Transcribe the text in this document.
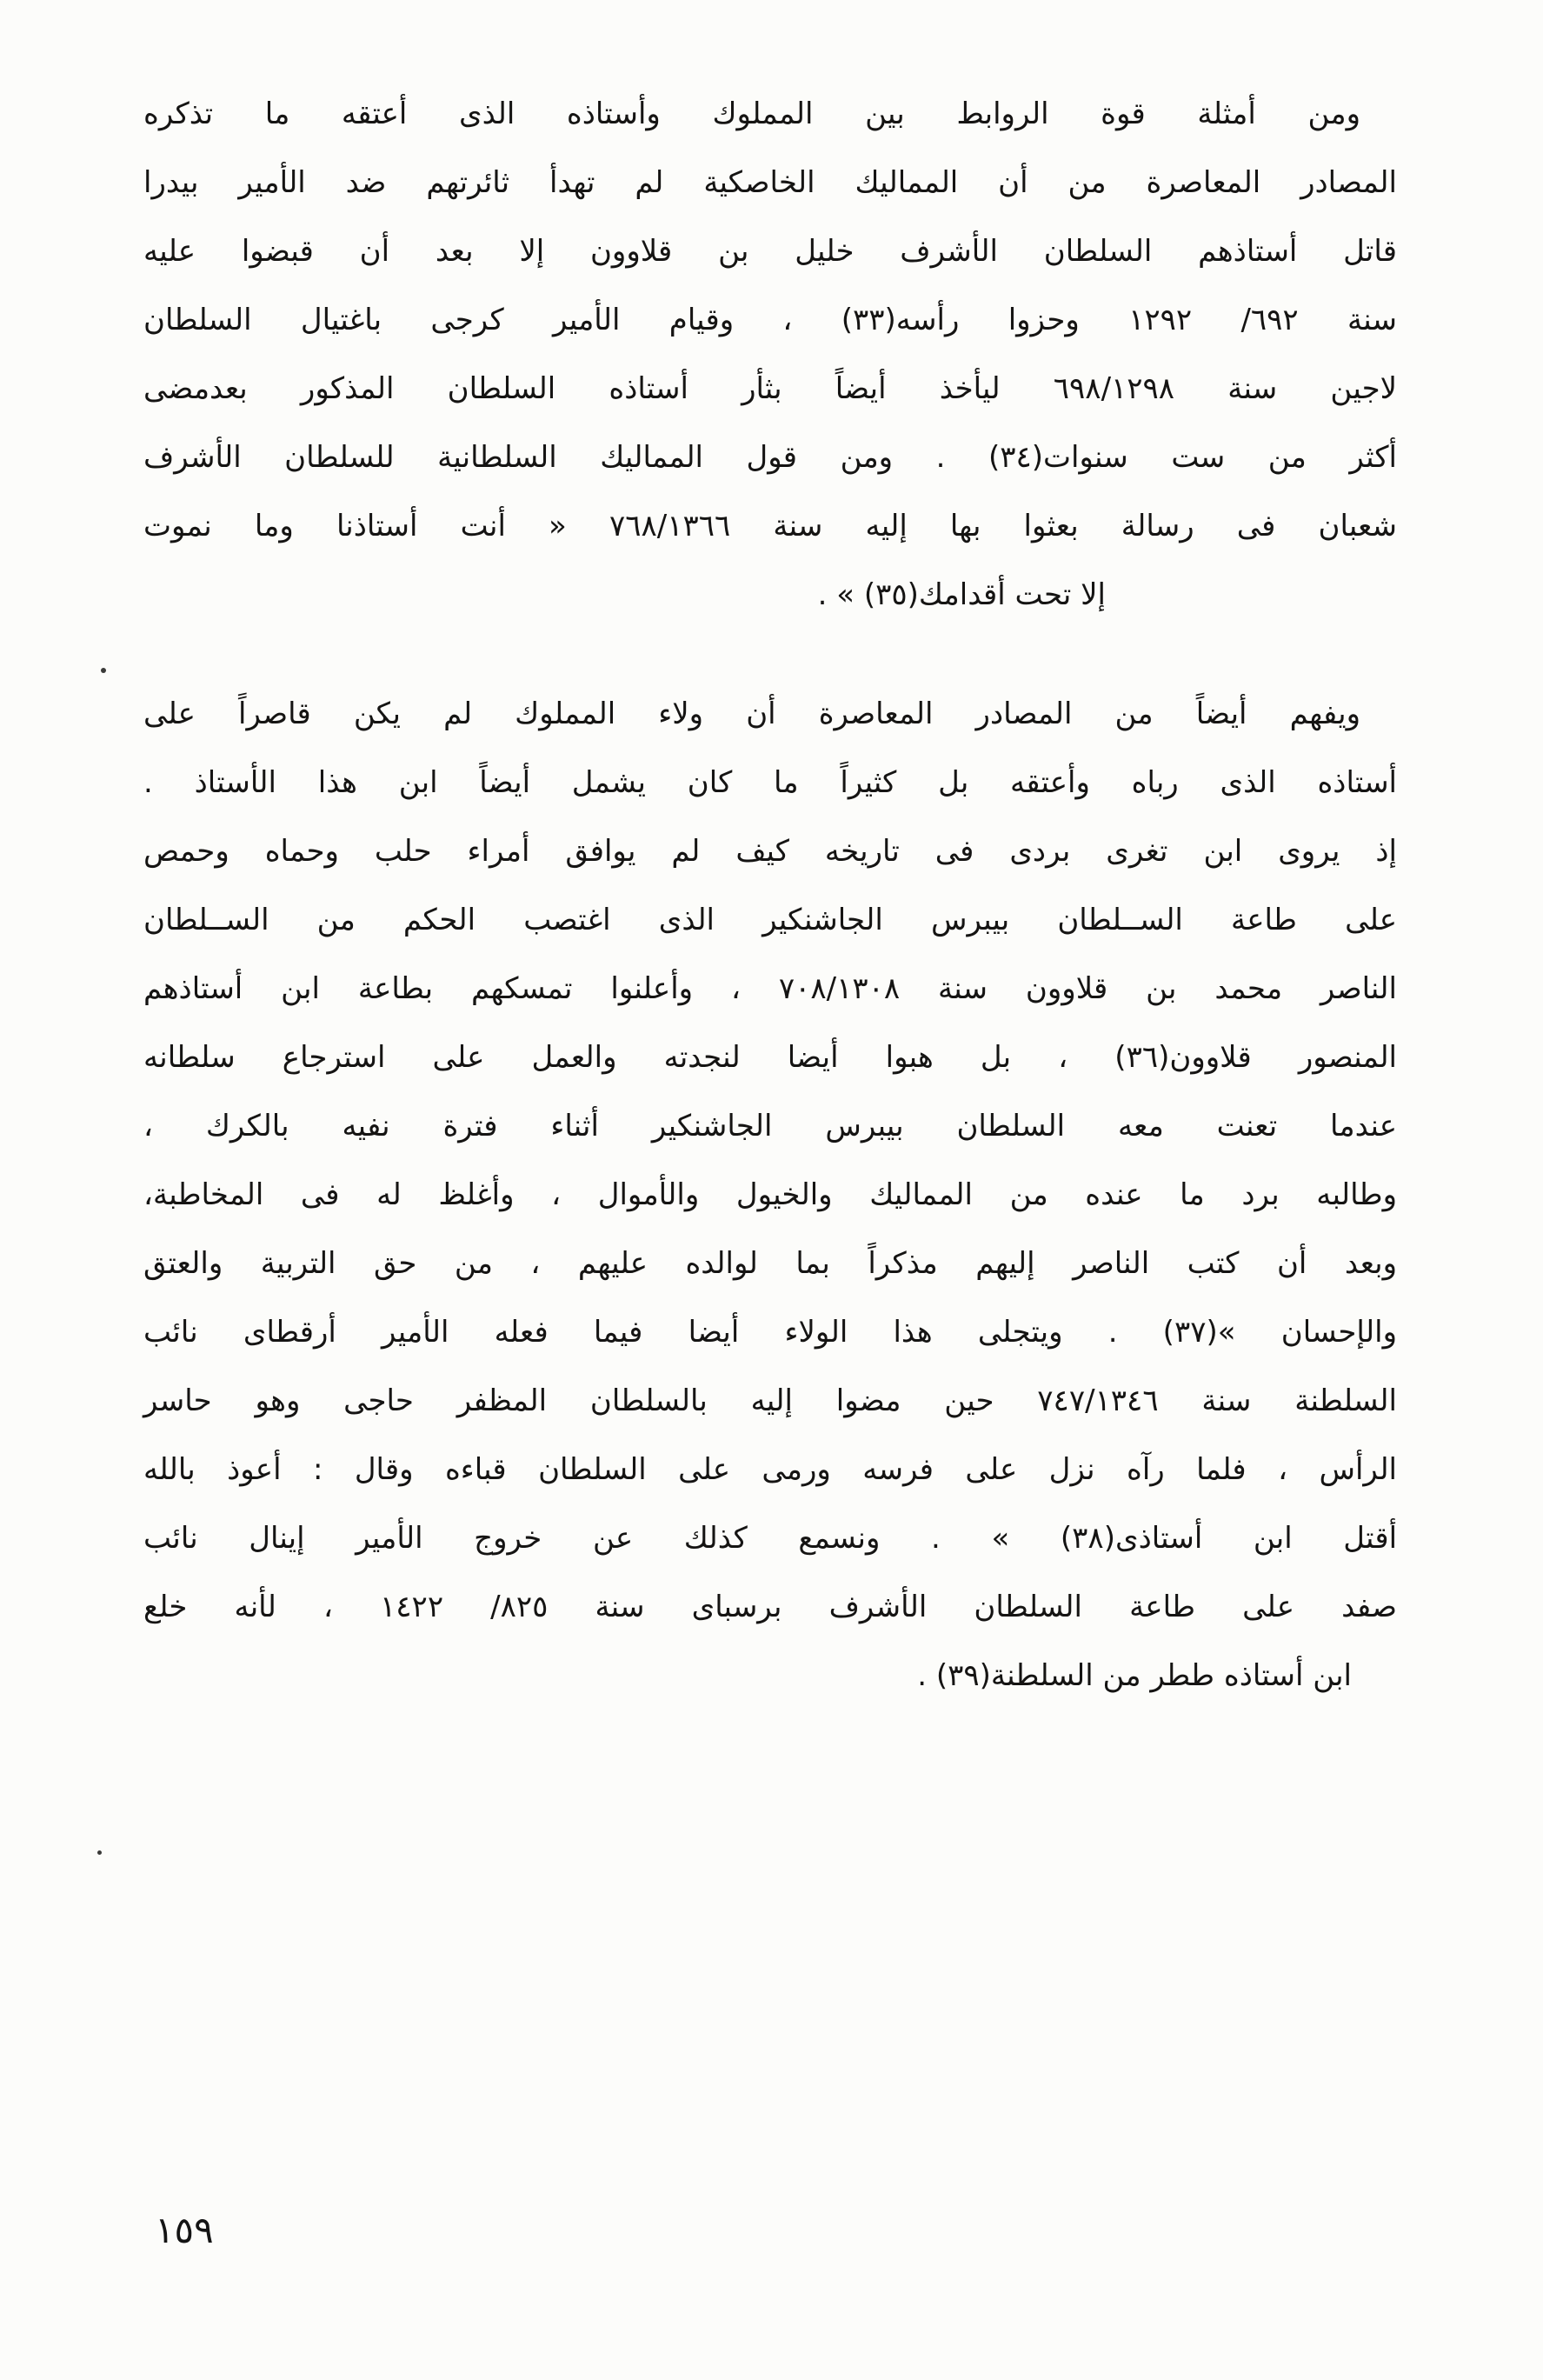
ومن أمثلة قوة الروابط بين المملوك وأستاذه الذى أعتقه ما تذكره
المصادر المعاصرة من أن المماليك الخاصكية لم تهدأ ثائرتهم ضد الأمير بيدرا
قاتل أستاذهم السلطان الأشرف خليل بن قلاوون إلا بعد أن قبضوا عليه
سنة ٦٩٢/ ١٢٩٢ وحزوا رأسه(٣٣) ، وقيام الأمير كرجى باغتيال السلطان
لاجين سنة ٦٩٨/١٢٩٨ ليأخذ أيضاً بثأر أستاذه السلطان المذكور بعدمضى
أكثر من ست سنوات(٣٤) . ومن قول المماليك السلطانية للسلطان الأشرف
شعبان فى رسالة بعثوا بها إليه سنة ٧٦٨/١٣٦٦ « أنت أستاذنا وما نموت
إلا تحت أقدامك(٣٥) » .
ويفهم أيضاً من المصادر المعاصرة أن ولاء المملوك لم يكن قاصراً على
أستاذه الذى رباه وأعتقه بل كثيراً ما كان يشمل أيضاً ابن هذا الأستاذ .
إذ يروى ابن تغرى بردى فى تاريخه كيف لم يوافق أمراء حلب وحماه وحمص
على طاعة الســلطان بيبرس الجاشنكير الذى اغتصب الحكم من الســلطان
الناصر محمد بن قلاوون سنة ٧٠٨/١٣٠٨ ، وأعلنوا تمسكهم بطاعة ابن أستاذهم
المنصور قلاوون(٣٦) ، بل هبوا أيضا لنجدته والعمل على استرجاع سلطانه
عندما تعنت معه السلطان بيبرس الجاشنكير أثناء فترة نفيه بالكرك ،
وطالبه برد ما عنده من المماليك والخيول والأموال ، وأغلظ له فى المخاطبة،
وبعد أن كتب الناصر إليهم مذكراً بما لوالده عليهم ، من حق التربية والعتق
والإحسان »(٣٧) . ويتجلى هذا الولاء أيضا فيما فعله الأمير أرقطاى نائب
السلطنة سنة ٧٤٧/١٣٤٦ حين مضوا إليه بالسلطان المظفر حاجى وهو حاسر
الرأس ، فلما رآه نزل على فرسه ورمى على السلطان قباءه وقال : أعوذ بالله
أقتل ابن أستاذى(٣٨) » . ونسمع كذلك عن خروج الأمير إينال نائب
صفد على طاعة السلطان الأشرف برسباى سنة ٨٢٥/ ١٤٢٢ ، لأنه خلع
ابن أستاذه ططر من السلطنة(٣٩) .
١٥٩
